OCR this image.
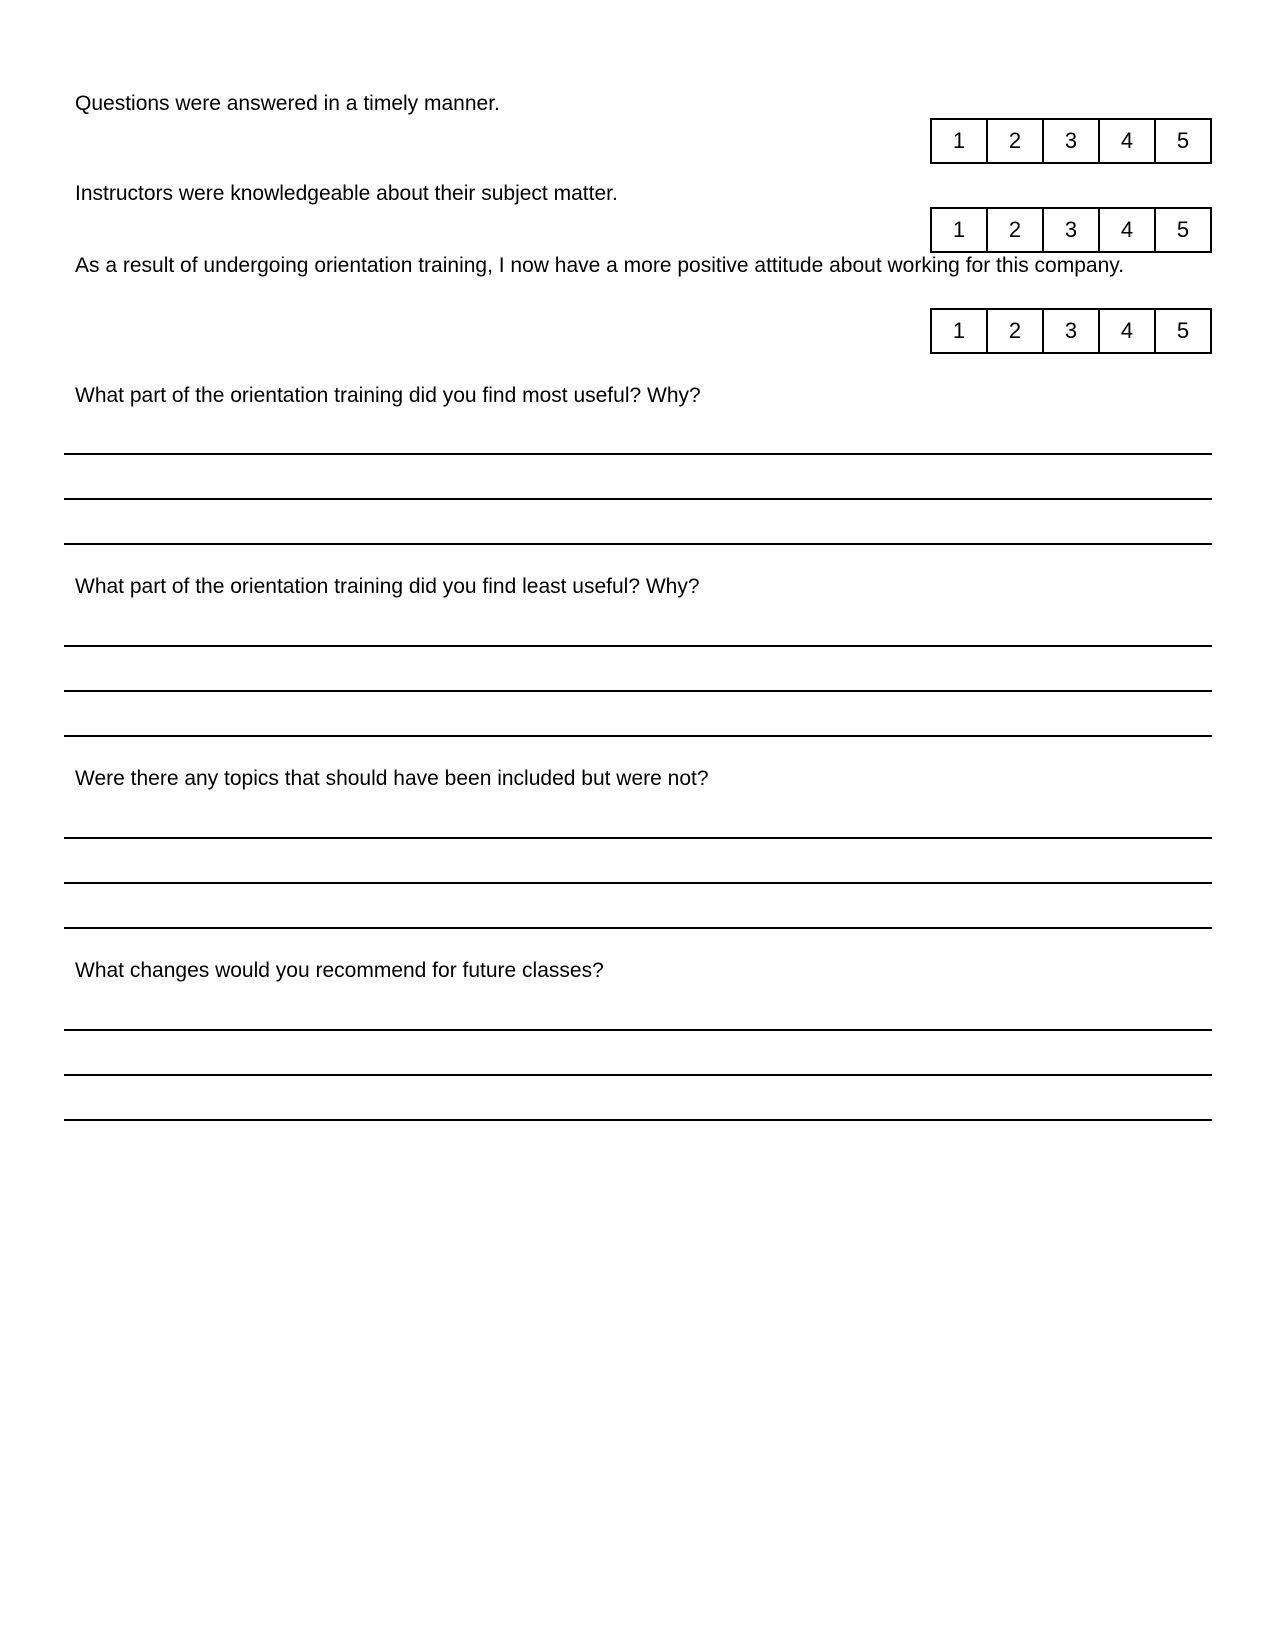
Questions were answered in a timely manner.

1	2	3	4	5

Instructors were knowledgeable about their subject matter.

1	2	3	4	5

As a result of undergoing orientation training, I now have a more positive attitude about working for this company.

1	2	3	4	5

What part of the orientation training did you find most useful? Why?

What part of the orientation training did you find least useful? Why?

Were there any topics that should have been included but were not?

What changes would you recommend for future classes?
